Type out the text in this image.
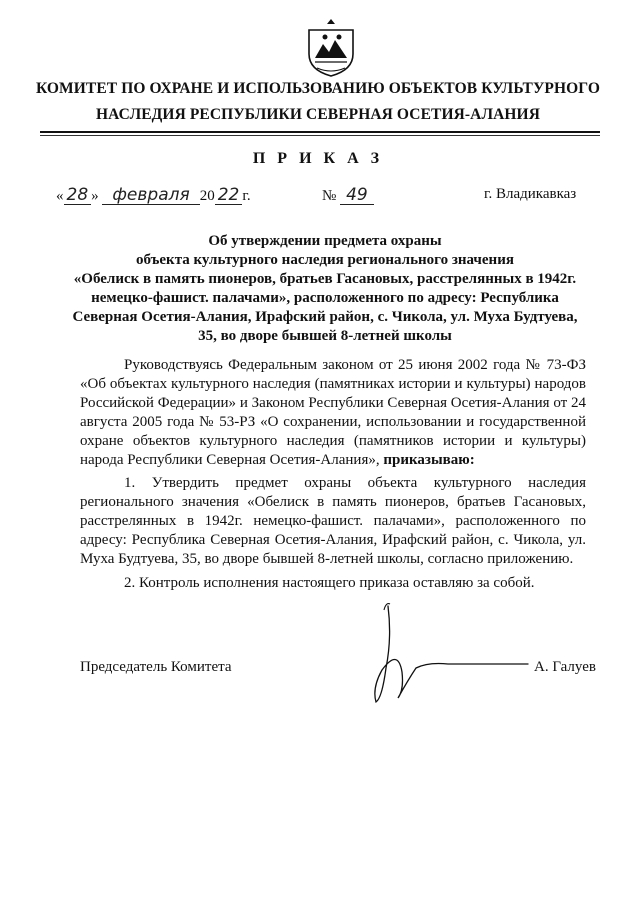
КОМИТЕТ ПО ОХРАНЕ И ИСПОЛЬЗОВАНИЮ ОБЪЕКТОВ КУЛЬТУРНОГО
НАСЛЕДИЯ РЕСПУБЛИКИ СЕВЕРНАЯ ОСЕТИЯ-АЛАНИЯ
П Р И К А З
« 28 » февраля 20 22 г.	№ 49	г. Владикавказ
Об утверждении предмета охраны
объекта культурного наследия регионального значения
«Обелиск в память пионеров, братьев Гасановых, расстрелянных в 1942г.
немецко-фашист. палачами», расположенного по адресу: Республика
Северная Осетия-Алания, Ирафский район, с. Чикола, ул. Муха Будтуева,
35, во дворе бывшей 8-летней школы
Руководствуясь Федеральным законом от 25 июня 2002 года № 73-ФЗ «Об объектах культурного наследия (памятниках истории и культуры) народов Российской Федерации» и Законом Республики Северная Осетия-Алания от 24 августа 2005 года № 53-РЗ «О сохранении, использовании и государственной охране объектов культурного наследия (памятников истории и культуры) народа Республики Северная Осетия-Алания», приказываю:
1. Утвердить предмет охраны объекта культурного наследия регионального значения «Обелиск в память пионеров, братьев Гасановых, расстрелянных в 1942г. немецко-фашист. палачами», расположенного по адресу: Республика Северная Осетия-Алания, Ирафский район, с. Чикола, ул. Муха Будтуева, 35, во дворе бывшей 8-летней школы, согласно приложению.
2. Контроль исполнения настоящего приказа оставляю за собой.
Председатель Комитета	А. Галуев
